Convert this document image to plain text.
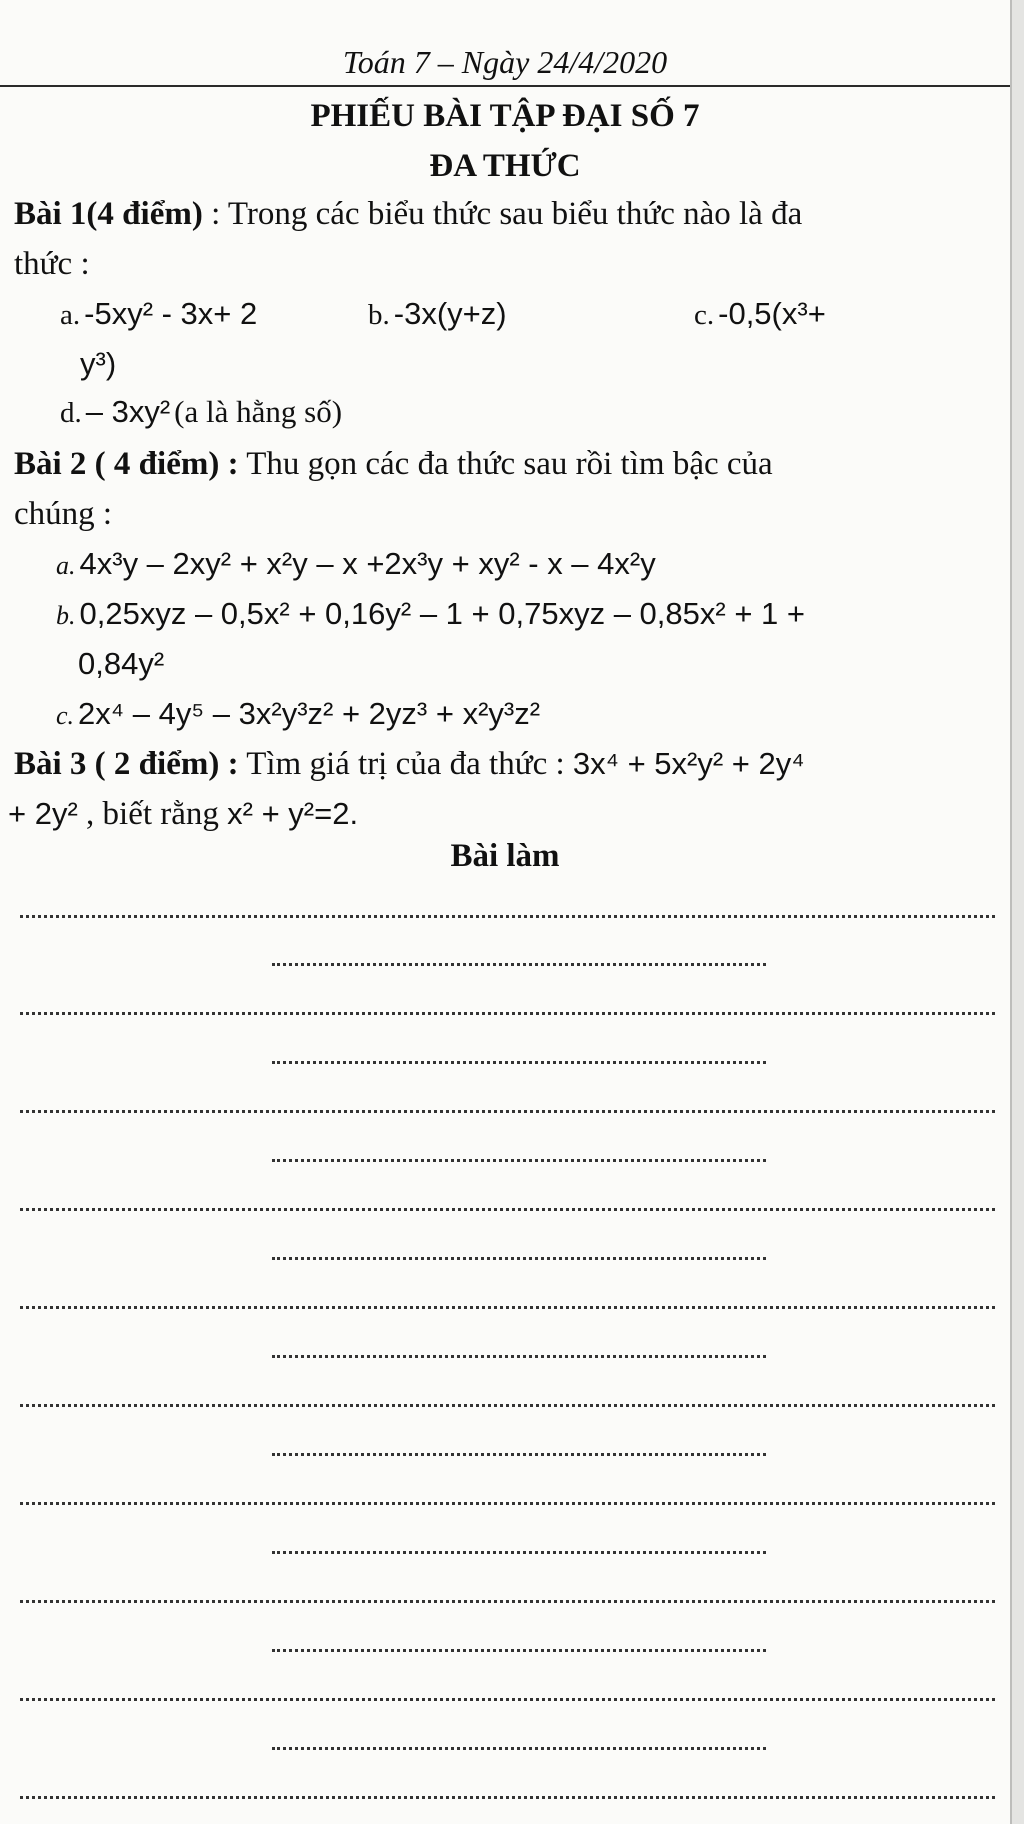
Toán 7 – Ngày 24/4/2020
PHIẾU BÀI TẬP ĐẠI SỐ 7
ĐA THỨC
Bài 1(4 điểm) : Trong các biểu thức sau biểu thức nào là đa
thức :
a. -5xy² - 3x+ 2	b. -3x(y+z)	c. -0,5(x³+
y³)
d. – 3xy² (a là hằng số)
Bài 2 ( 4 điểm) : Thu gọn các đa thức sau rồi tìm bậc của
chúng :
a. 4x³y – 2xy² + x²y – x +2x³y + xy² - x – 4x²y
b. 0,25xyz – 0,5x² + 0,16y² – 1 + 0,75xyz – 0,85x² + 1 +
0,84y²
c. 2x⁴ – 4y⁵ – 3x²y³z² + 2yz³ + x²y³z²
Bài 3 ( 2 điểm) : Tìm giá trị của đa thức : 3x⁴ + 5x²y² + 2y⁴
+ 2y² , biết rằng x² + y²=2.
Bài làm
